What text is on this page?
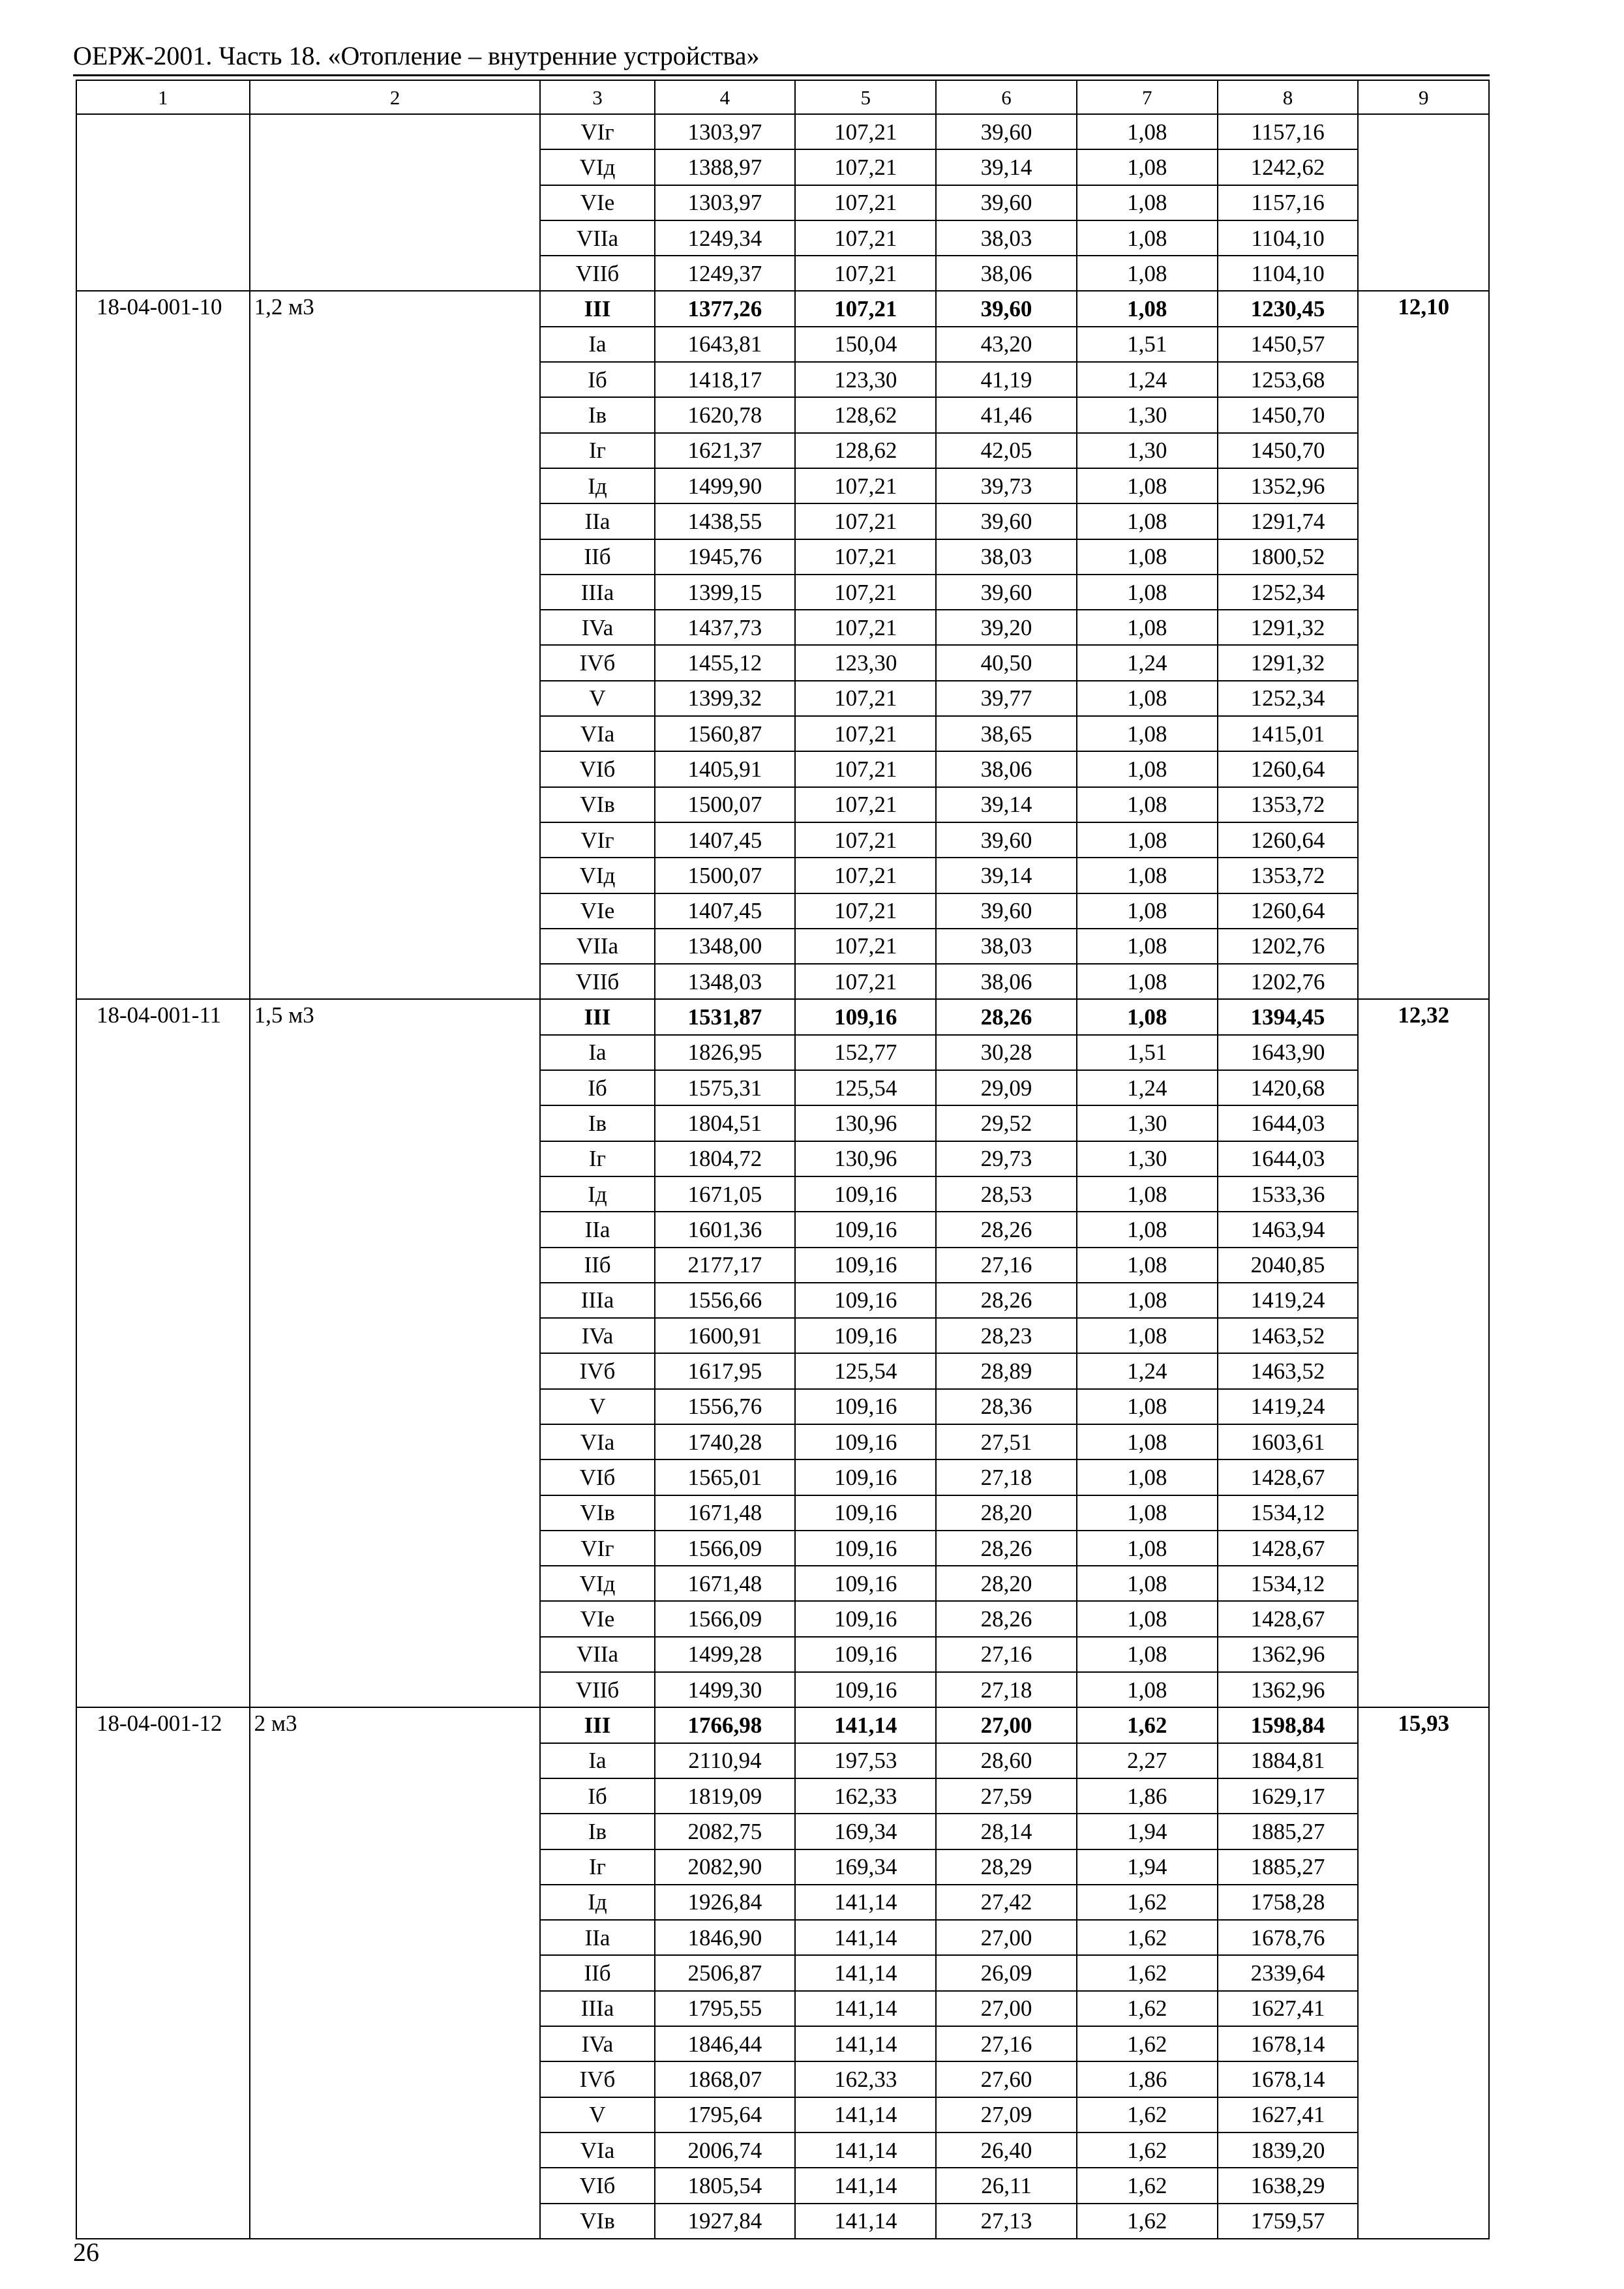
ОЕРЖ-2001. Часть 18. «Отопление – внутренние устройства»
1	2	3	4	5	6	7	8	9
		VIг	1303,97	107,21	39,60	1,08	1157,16	
		VIд	1388,97	107,21	39,14	1,08	1242,62	
		VIe	1303,97	107,21	39,60	1,08	1157,16	
		VIIa	1249,34	107,21	38,03	1,08	1104,10	
		VIIб	1249,37	107,21	38,06	1,08	1104,10	
18-04-001-10	1,2 м3	III	1377,26	107,21	39,60	1,08	1230,45	12,10
		Ia	1643,81	150,04	43,20	1,51	1450,57	
		Iб	1418,17	123,30	41,19	1,24	1253,68	
		Iв	1620,78	128,62	41,46	1,30	1450,70	
		Iг	1621,37	128,62	42,05	1,30	1450,70	
		Iд	1499,90	107,21	39,73	1,08	1352,96	
		IIa	1438,55	107,21	39,60	1,08	1291,74	
		IIб	1945,76	107,21	38,03	1,08	1800,52	
		IIIa	1399,15	107,21	39,60	1,08	1252,34	
		IVa	1437,73	107,21	39,20	1,08	1291,32	
		IVб	1455,12	123,30	40,50	1,24	1291,32	
		V	1399,32	107,21	39,77	1,08	1252,34	
		VIa	1560,87	107,21	38,65	1,08	1415,01	
		VIб	1405,91	107,21	38,06	1,08	1260,64	
		VIв	1500,07	107,21	39,14	1,08	1353,72	
		VIг	1407,45	107,21	39,60	1,08	1260,64	
		VIд	1500,07	107,21	39,14	1,08	1353,72	
		VIe	1407,45	107,21	39,60	1,08	1260,64	
		VIIa	1348,00	107,21	38,03	1,08	1202,76	
		VIIб	1348,03	107,21	38,06	1,08	1202,76	
18-04-001-11	1,5 м3	III	1531,87	109,16	28,26	1,08	1394,45	12,32
		Ia	1826,95	152,77	30,28	1,51	1643,90	
		Iб	1575,31	125,54	29,09	1,24	1420,68	
		Iв	1804,51	130,96	29,52	1,30	1644,03	
		Iг	1804,72	130,96	29,73	1,30	1644,03	
		Iд	1671,05	109,16	28,53	1,08	1533,36	
		IIa	1601,36	109,16	28,26	1,08	1463,94	
		IIб	2177,17	109,16	27,16	1,08	2040,85	
		IIIa	1556,66	109,16	28,26	1,08	1419,24	
		IVa	1600,91	109,16	28,23	1,08	1463,52	
		IVб	1617,95	125,54	28,89	1,24	1463,52	
		V	1556,76	109,16	28,36	1,08	1419,24	
		VIa	1740,28	109,16	27,51	1,08	1603,61	
		VIб	1565,01	109,16	27,18	1,08	1428,67	
		VIв	1671,48	109,16	28,20	1,08	1534,12	
		VIг	1566,09	109,16	28,26	1,08	1428,67	
		VIд	1671,48	109,16	28,20	1,08	1534,12	
		VIe	1566,09	109,16	28,26	1,08	1428,67	
		VIIa	1499,28	109,16	27,16	1,08	1362,96	
		VIIб	1499,30	109,16	27,18	1,08	1362,96	
18-04-001-12	2 м3	III	1766,98	141,14	27,00	1,62	1598,84	15,93
		Ia	2110,94	197,53	28,60	2,27	1884,81	
		Iб	1819,09	162,33	27,59	1,86	1629,17	
		Iв	2082,75	169,34	28,14	1,94	1885,27	
		Iг	2082,90	169,34	28,29	1,94	1885,27	
		Iд	1926,84	141,14	27,42	1,62	1758,28	
		IIa	1846,90	141,14	27,00	1,62	1678,76	
		IIб	2506,87	141,14	26,09	1,62	2339,64	
		IIIa	1795,55	141,14	27,00	1,62	1627,41	
		IVa	1846,44	141,14	27,16	1,62	1678,14	
		IVб	1868,07	162,33	27,60	1,86	1678,14	
		V	1795,64	141,14	27,09	1,62	1627,41	
		VIa	2006,74	141,14	26,40	1,62	1839,20	
		VIб	1805,54	141,14	26,11	1,62	1638,29	
		VIв	1927,84	141,14	27,13	1,62	1759,57	
26
